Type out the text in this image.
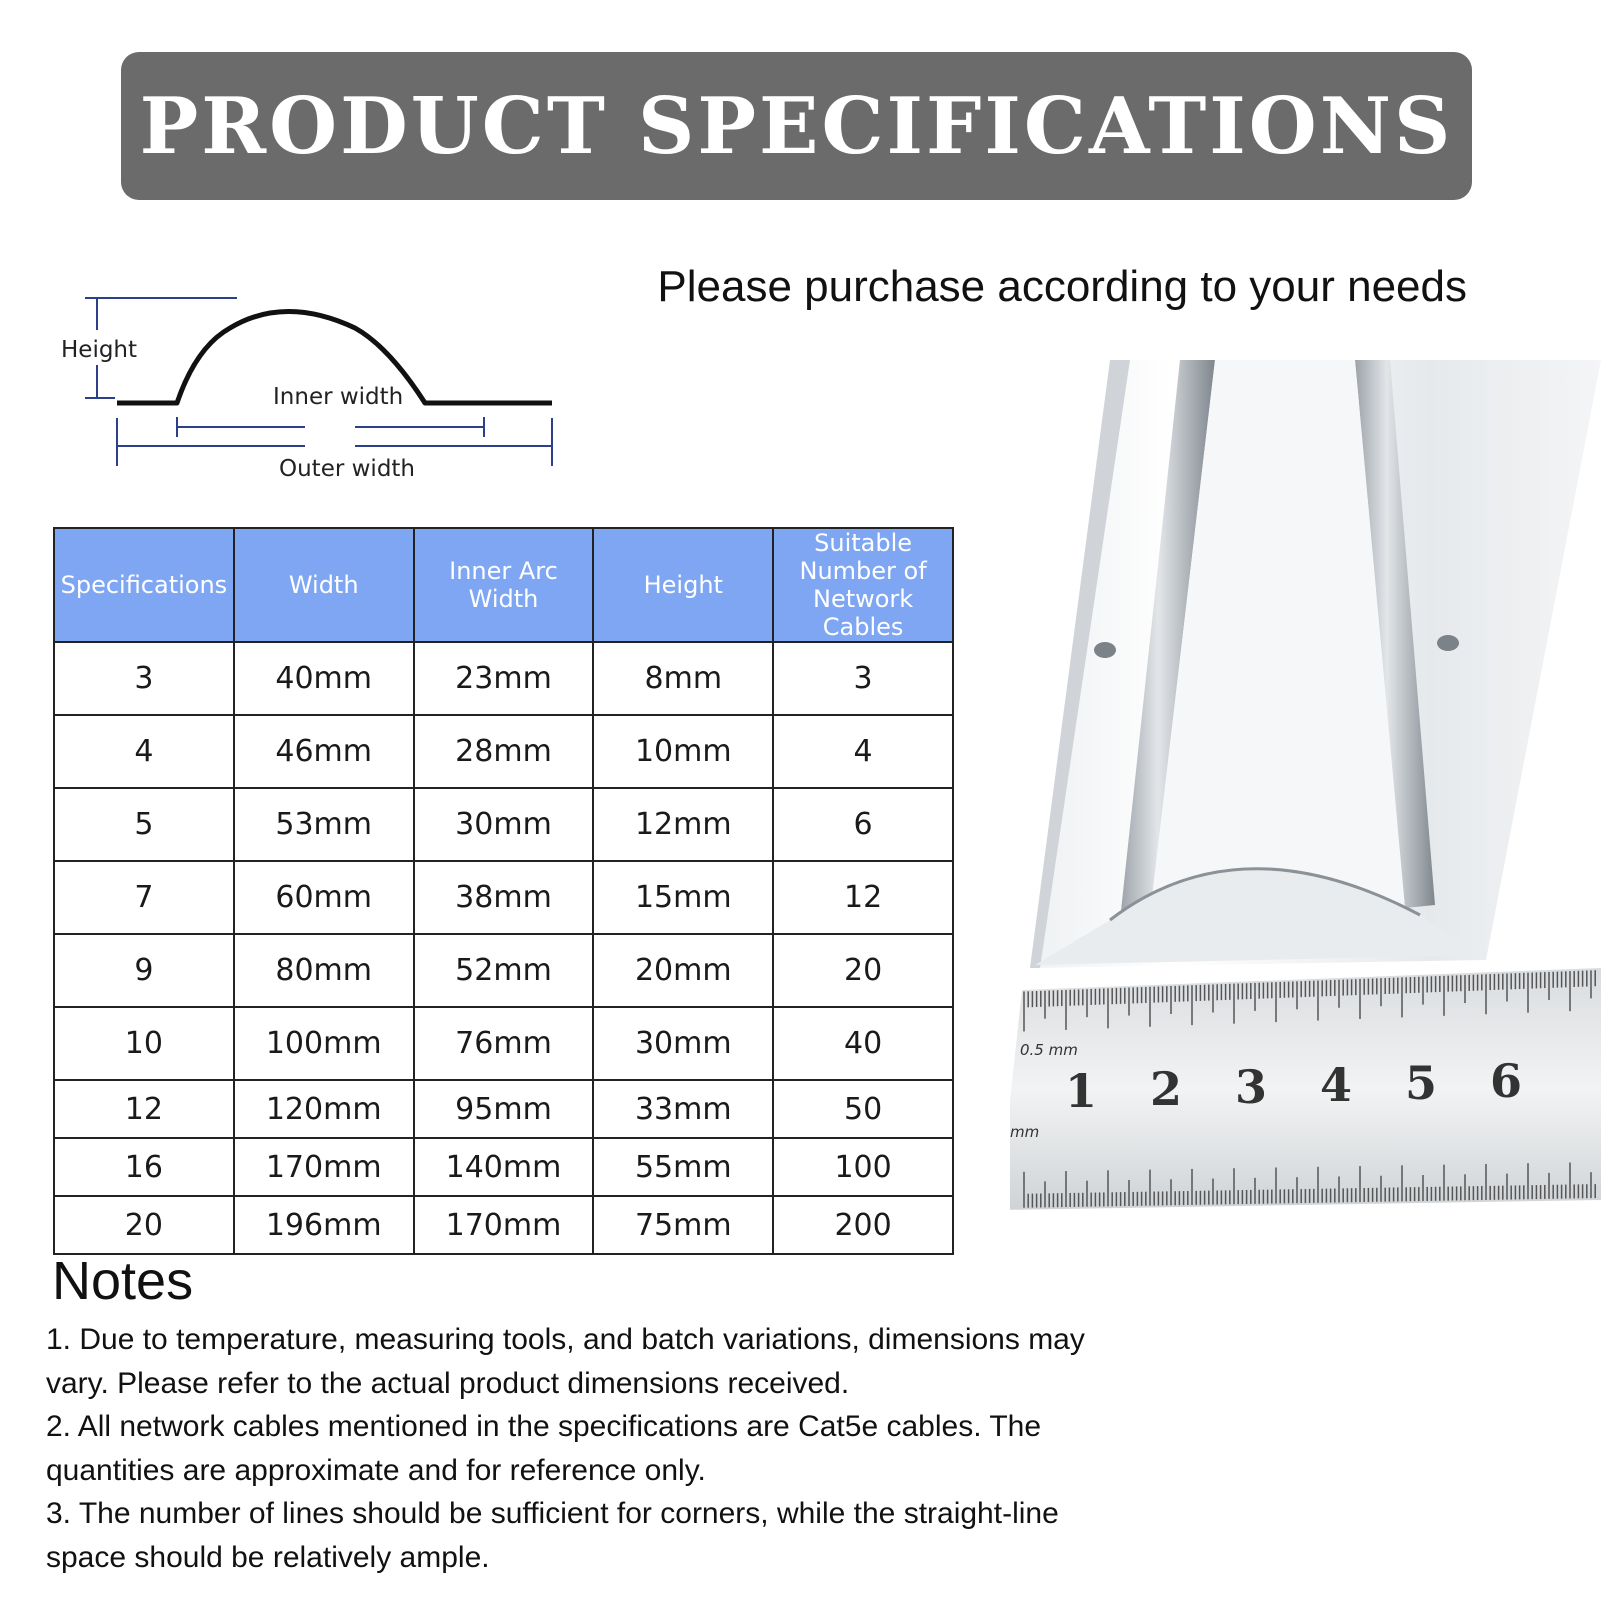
PRODUCT SPECIFICATIONS
Please purchase according to your needs
Height
Inner width
Outer width
Specifications	Width	Inner Arc Width	Height	Suitable Number of Network Cables
3	40mm	23mm	8mm	3
4	46mm	28mm	10mm	4
5	53mm	30mm	12mm	6
7	60mm	38mm	15mm	12
9	80mm	52mm	20mm	20
10	100mm	76mm	30mm	40
12	120mm	95mm	33mm	50
16	170mm	140mm	55mm	100
20	196mm	170mm	75mm	200
0.5 mm
mm
1 2 3 4 5 6
Notes
1. Due to temperature, measuring tools, and batch variations, dimensions may
vary. Please refer to the actual product dimensions received.
2. All network cables mentioned in the specifications are Cat5e cables. The
quantities are approximate and for reference only.
3. The number of lines should be sufficient for corners, while the straight-line
space should be relatively ample.
